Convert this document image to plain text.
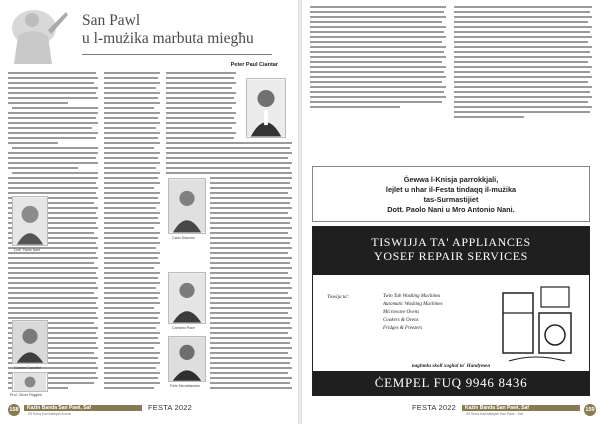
San Pawl
u l-mużika marbuta miegħu
Peter Paul Ciantar
Dott. Paolo Nani
Charles Camilleri
Prof. Oliver Friggieri
Carlo Diacono
Carmelo Pace
Felix Mendelssohn
158	Każin Banda San Pawl, Saf
25 Sena Każinistiqiet Armar
FESTA 2022
Ġewwa l-Knisja parrokkjali,
lejlet u nhar il-Festa tindaqq il-mużika
tas-Surmastijiet
Dott. Paolo Nani u Mro Antonio Nani.
TISWIJJA TA' APPLIANCES
YOSEF REPAIR SERVICES
Tiswija ta':	Twin Tub Washing Machines
Automatic Washing Machines
Microwave Ovens
Cookers & Ovens
Fridges & Freezers
naghmlu skoll xoghol ta' Handymen
ĊEMPEL FUQ 9946 8436
FESTA 2022	Każin Banda San Pawl, Saf
25 Sena Każinistiqiet San Pawl - Saf
159
